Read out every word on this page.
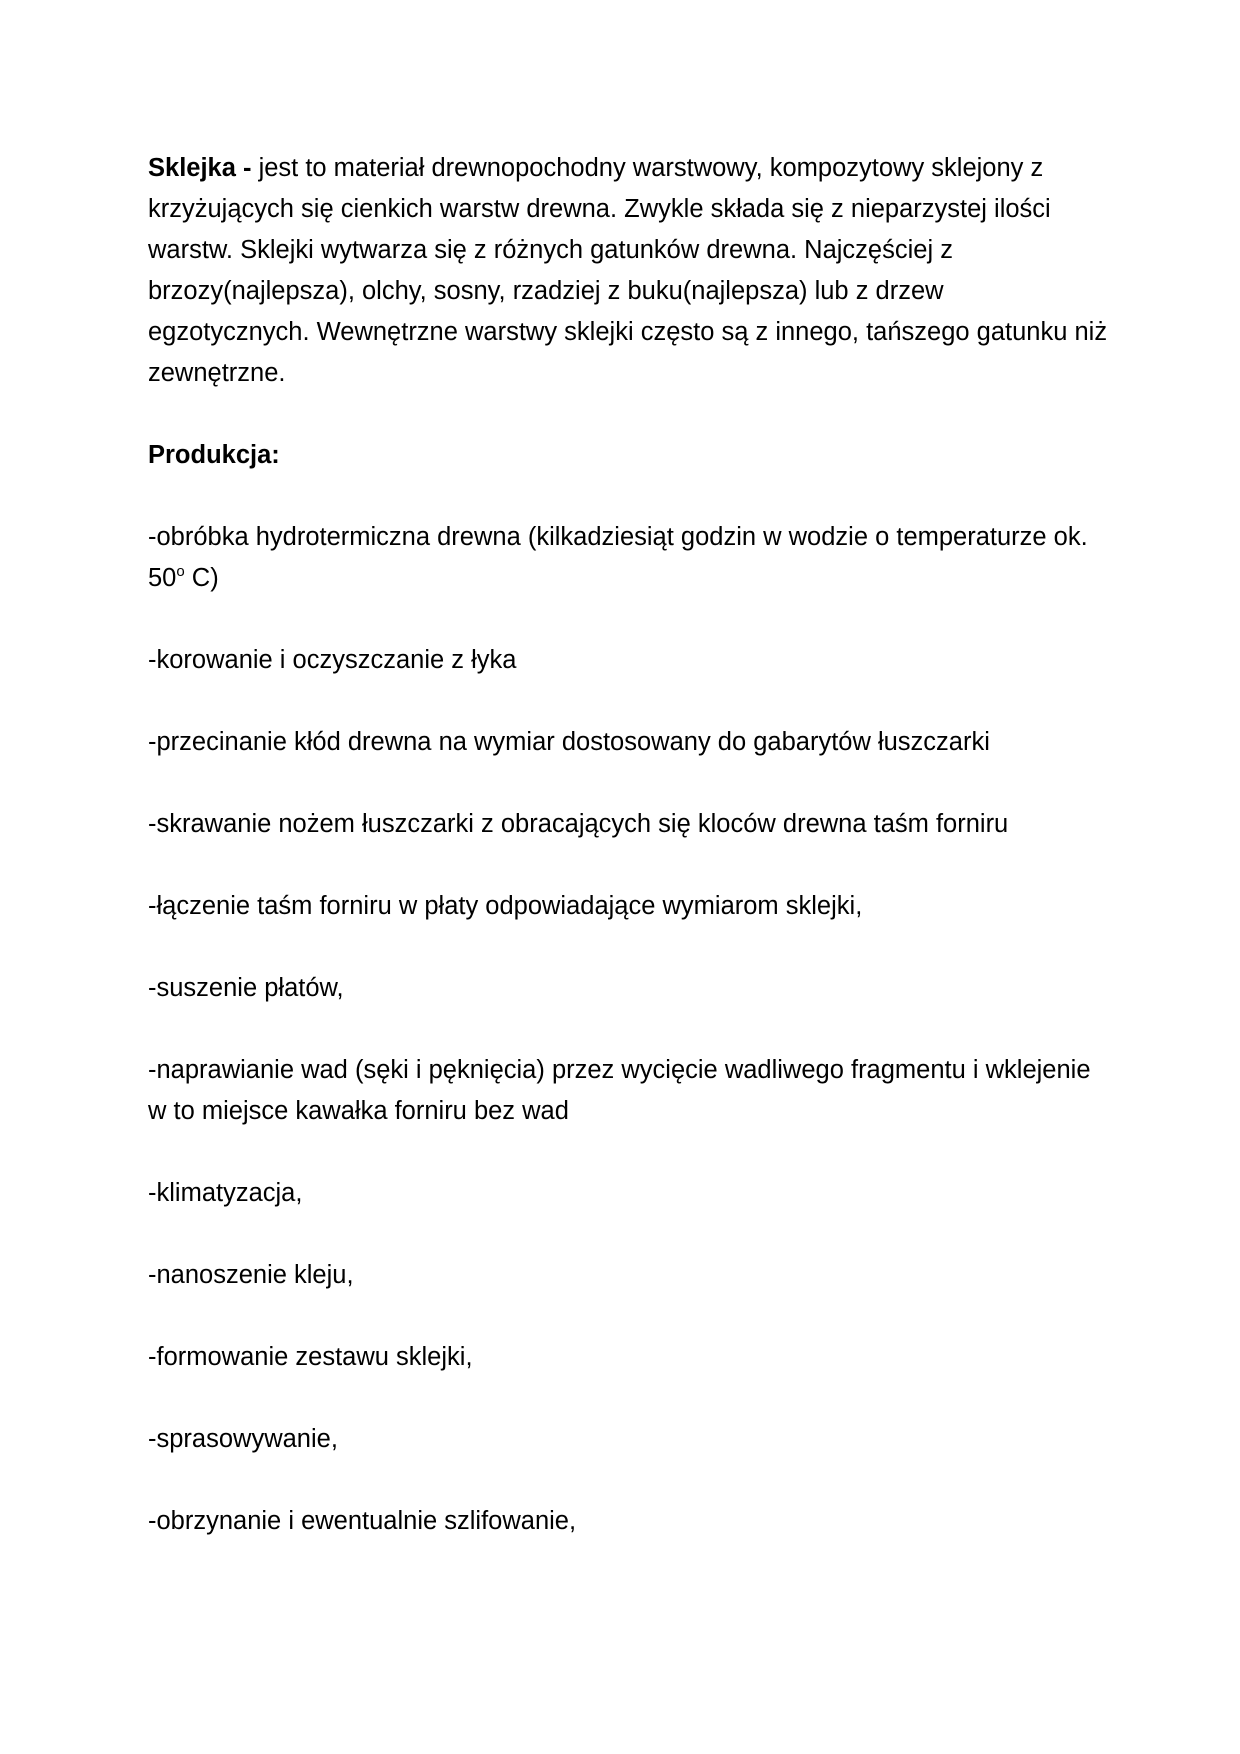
Sklejka - jest to materiał drewnopochodny warstwowy, kompozytowy sklejony z krzyżujących się cienkich warstw drewna. Zwykle składa się z nieparzystej ilości warstw. Sklejki wytwarza się z różnych gatunków drewna. Najczęściej z brzozy(najlepsza), olchy, sosny, rzadziej z buku(najlepsza) lub z drzew egzotycznych. Wewnętrzne warstwy sklejki często są z innego, tańszego gatunku niż zewnętrzne.

Produkcja:

-obróbka hydrotermiczna drewna (kilkadziesiąt godzin w wodzie o temperaturze ok. 50$^o$ C)
-korowanie i oczyszczanie z łyka
-przecinanie kłód drewna na wymiar dostosowany do gabarytów łuszczarki
-skrawanie nożem łuszczarki z obracających się kloców drewna taśm forniru
-łączenie taśm forniru w płaty odpowiadające wymiarom sklejki,
-suszenie płatów,
-naprawianie wad (sęki i pęknięcia) przez wycięcie wadliwego fragmentu i wklejenie w to miejsce kawałka forniru bez wad
-klimatyzacja,
-nanoszenie kleju,
-formowanie zestawu sklejki,
-sprasowywanie,
-obrzynanie i ewentualnie szlifowanie,
